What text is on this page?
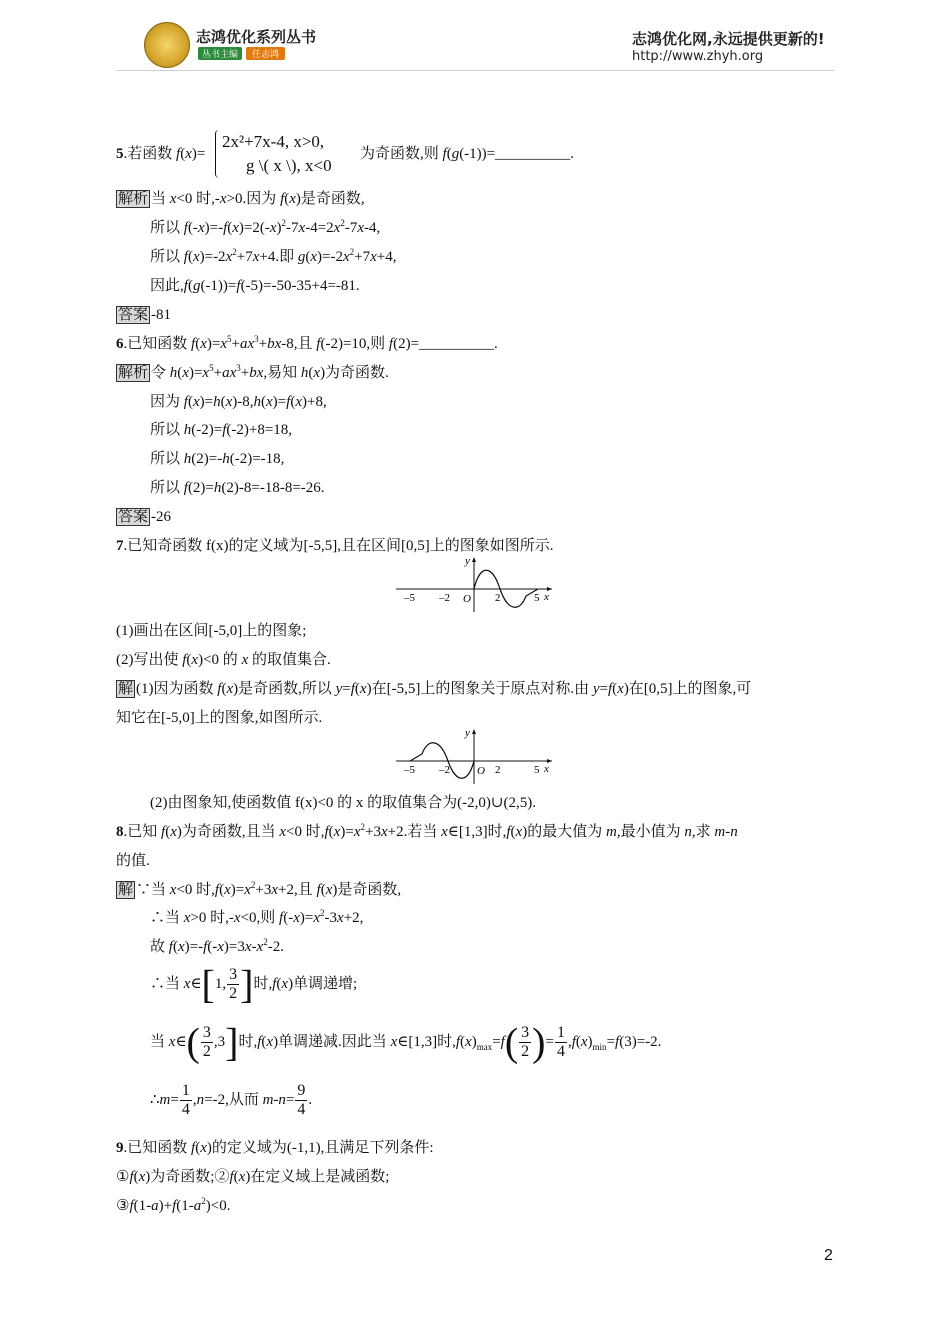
志鸿优化系列丛书
丛书主编	任志鸿
志鸿优化网,永远提供更新的!
http://www.zhyh.org
5.若函数 f(x)=
2x²+7x-4, x>0,
g \( x \), x<0
为奇函数,则 f(g(-1))=__________.
解析 当 x<0 时,-x>0.因为 f(x)是奇函数,
所以 $f(-x)=-f(x)=2(-x)^2-7x-4=2x^2-7x-4$,
所以 $f(x)=-2x^2+7x+4$.即 $g(x)=-2x^2+7x+4$,
因此,f(g(-1))=f(-5)=-50-35+4=-81.
答案 -81
6.已知函数 $f(x)=x^5+ax^3+bx-8$,且 f(-2)=10,则 f(2)=__________.
解析 令 $h(x)=x^5+ax^3+bx$,易知 h(x)为奇函数.
因为 f(x)=h(x)-8,h(x)=f(x)+8,
所以 h(-2)=f(-2)+8=18,
所以 h(2)=-h(-2)=-18,
所以 f(2)=h(2)-8=-18-8=-26.
答案 -26
7.已知奇函数 f(x)的定义域为[-5,5],且在区间[0,5]上的图象如图所示.
–5 –2 O 2	5 x
y
(1)画出在区间[-5,0]上的图象;
(2)写出使 f(x)<0 的 x 的取值集合.
解 (1)因为函数 f(x)是奇函数,所以 y=f(x)在[-5,5]上的图象关于原点对称.由 y=f(x)在[0,5]上的图象,可
知它在[-5,0]上的图象,如图所示.
–5 –2 O 2	5 x
y
(2)由图象知,使函数值 f(x)<0 的 x 的取值集合为(-2,0)∪(2,5).
8.已知 f(x)为奇函数,且当 x<0 时$,f(x)=x^2+3x+2$.若当 x∈[1,3]时,f(x)的最大值为 m,最小值为 n,求 m-n
的值.
解 ∵当 x<0 时$,f(x)=x^2+3x+2$,且 f(x)是奇函数,
∴当 x>0 时,-x<0,则 $f(-x)=x^2-3x+2$,
故 $f(x)=-f(-x)=3x-x^2-2$.
∴当 x∈[1, $\frac{3}{2}$ ]时,f(x)单调递增;
当 x∈( $\frac{3}{2} ,3$]时,f(x)单调递减.因此当 x∈[1,3]时$,f(x)_{max}=f( \frac{3}{2}$ )= $\frac{1}{4} ,f(x)_{min}=f(3)=-2$.
∴m= $\frac{1}{4} ,n=-2$,从而 $m-n= \frac{9}{4}$ .
9.已知函数 f(x)的定义域为(-1,1),且满足下列条件:
①f(x)为奇函数;②f(x)在定义域上是减函数;
$③f(1-a)+f(1-a^2)<0$.
2
